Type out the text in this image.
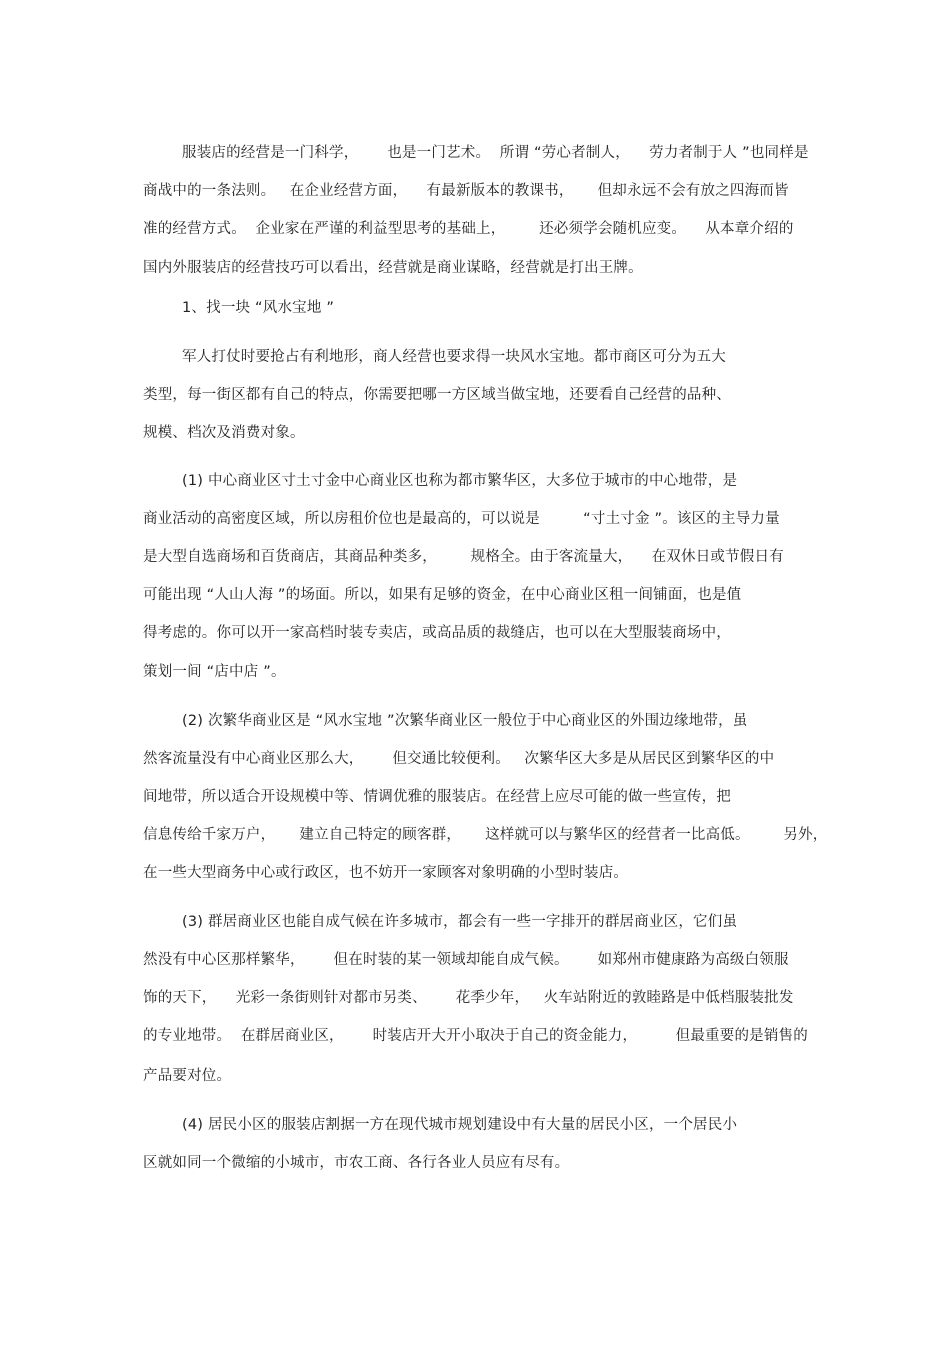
服装店的经营是一门科学，      也是一门艺术。  所谓 “劳心者制人，    劳力者制于人 ”也同样是
商战中的一条法则。   在企业经营方面，    有最新版本的教课书，     但却永远不会有放之四海而皆
准的经营方式。  企业家在严谨的利益型思考的基础上，       还必须学会随机应变。    从本章介绍的
国内外服装店的经营技巧可以看出，经营就是商业谋略，经营就是打出王牌。
1、找一块 “风水宝地 ”
军人打仗时要抢占有利地形，商人经营也要求得一块风水宝地。都市商区可分为五大
类型，每一街区都有自己的特点，你需要把哪一方区域当做宝地，还要看自己经营的品种、
规模、档次及消费对象。
(1) 中心商业区寸土寸金中心商业区也称为都市繁华区，大多位于城市的中心地带，是
商业活动的高密度区域，所以房租价位也是最高的，可以说是         “寸土寸金 ”。该区的主导力量
是大型自选商场和百货商店，其商品种类多，       规格全。由于客流量大，    在双休日或节假日有
可能出现 “人山人海 ”的场面。所以，如果有足够的资金，在中心商业区租一间铺面，也是值
得考虑的。你可以开一家高档时装专卖店，或高品质的裁缝店，也可以在大型服装商场中，
策划一间 “店中店 ”。
(2) 次繁华商业区是 “风水宝地 ”次繁华商业区一般位于中心商业区的外围边缘地带，虽
然客流量没有中心商业区那么大，      但交通比较便利。   次繁华区大多是从居民区到繁华区的中
间地带，所以适合开设规模中等、情调优雅的服装店。在经营上应尽可能的做一些宣传，把
信息传给千家万户，     建立自己特定的顾客群，     这样就可以与繁华区的经营者一比高低。       另外，
在一些大型商务中心或行政区，也不妨开一家顾客对象明确的小型时装店。
(3) 群居商业区也能自成气候在许多城市，都会有一些一字排开的群居商业区，它们虽
然没有中心区那样繁华，      但在时装的某一领域却能自成气候。      如郑州市健康路为高级白领服
饰的天下，    光彩一条街则针对都市另类、      花季少年，   火车站附近的敦睦路是中低档服装批发
的专业地带。  在群居商业区，      时装店开大开小取决于自己的资金能力，        但最重要的是销售的
产品要对位。
(4) 居民小区的服装店割据一方在现代城市规划建设中有大量的居民小区，一个居民小
区就如同一个微缩的小城市，市农工商、各行各业人员应有尽有。
